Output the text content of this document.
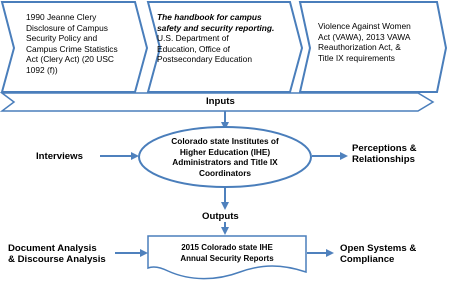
1990 Jeanne Clery
Disclosure of Campus
Security Policy and
Campus Crime Statistics
Act (Clery Act) (20 USC
1092 (f))
The handbook for campus
safety and security reporting.
U.S. Department of
Education, Office of
Postsecondary Education
Violence Against Women
Act (VAWA), 2013 VAWA
Reauthorization Act, &
Title IX requirements
Inputs
Colorado state Institutes of
Higher Education (IHE)
Administrators and Title IX
Coordinators
Interviews
Perceptions &
Relationships
Outputs
2015 Colorado state IHE
Annual Security Reports
Document Analysis
& Discourse Analysis
Open Systems &
Compliance
